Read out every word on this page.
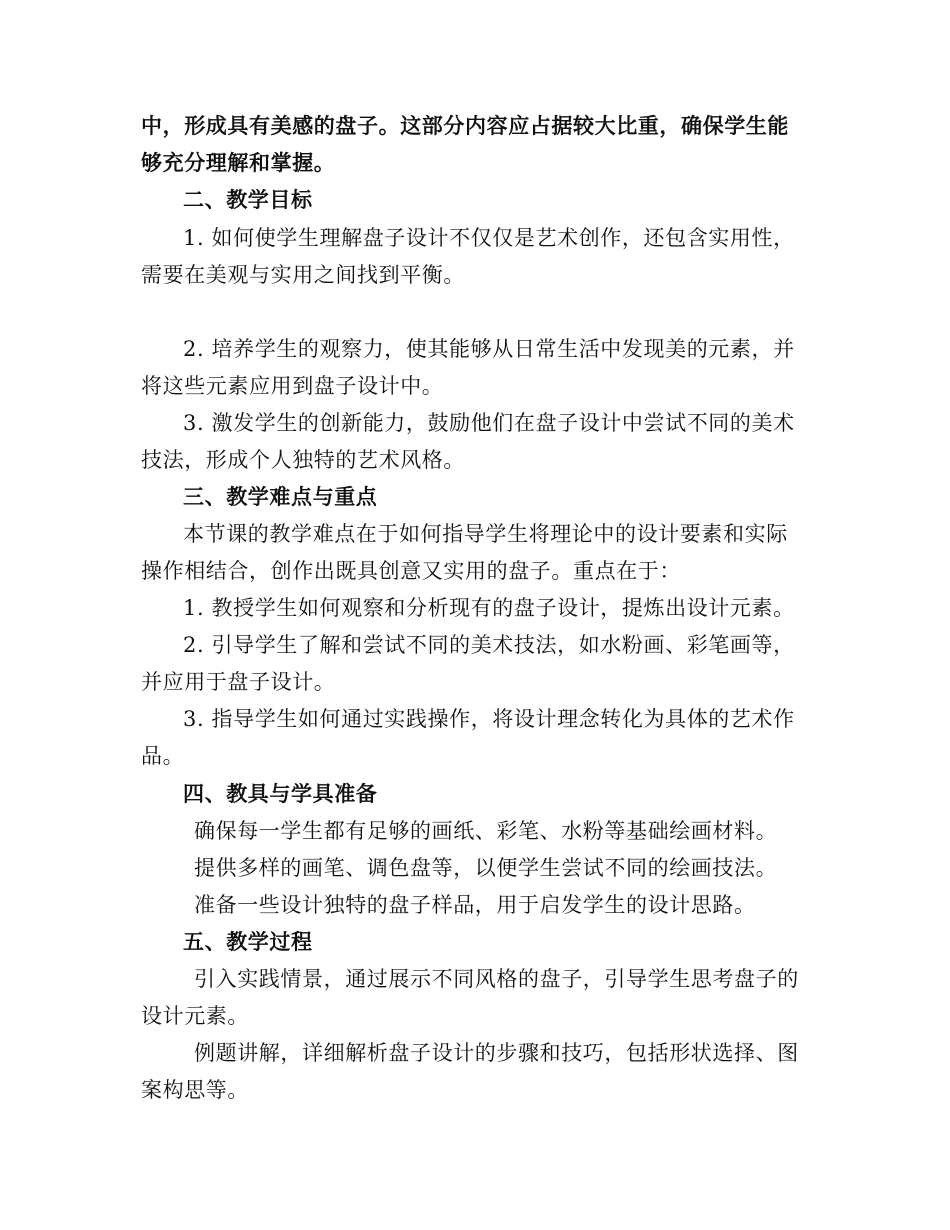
中，形成具有美感的盘子。这部分内容应占据较大比重，确保学生能
够充分理解和掌握。
二、教学目标
1. 如何使学生理解盘子设计不仅仅是艺术创作，还包含实用性，
需要在美观与实用之间找到平衡。
2. 培养学生的观察力，使其能够从日常生活中发现美的元素，并
将这些元素应用到盘子设计中。
3. 激发学生的创新能力，鼓励他们在盘子设计中尝试不同的美术
技法，形成个人独特的艺术风格。
三、教学难点与重点
本节课的教学难点在于如何指导学生将理论中的设计要素和实际
操作相结合，创作出既具创意又实用的盘子。重点在于：
1. 教授学生如何观察和分析现有的盘子设计，提炼出设计元素。
2. 引导学生了解和尝试不同的美术技法，如水粉画、彩笔画等，
并应用于盘子设计。
3. 指导学生如何通过实践操作，将设计理念转化为具体的艺术作
品。
四、教具与学具准备
确保每一学生都有足够的画纸、彩笔、水粉等基础绘画材料。
提供多样的画笔、调色盘等，以便学生尝试不同的绘画技法。
准备一些设计独特的盘子样品，用于启发学生的设计思路。
五、教学过程
引入实践情景，通过展示不同风格的盘子，引导学生思考盘子的
设计元素。
例题讲解，详细解析盘子设计的步骤和技巧，包括形状选择、图
案构思等。
